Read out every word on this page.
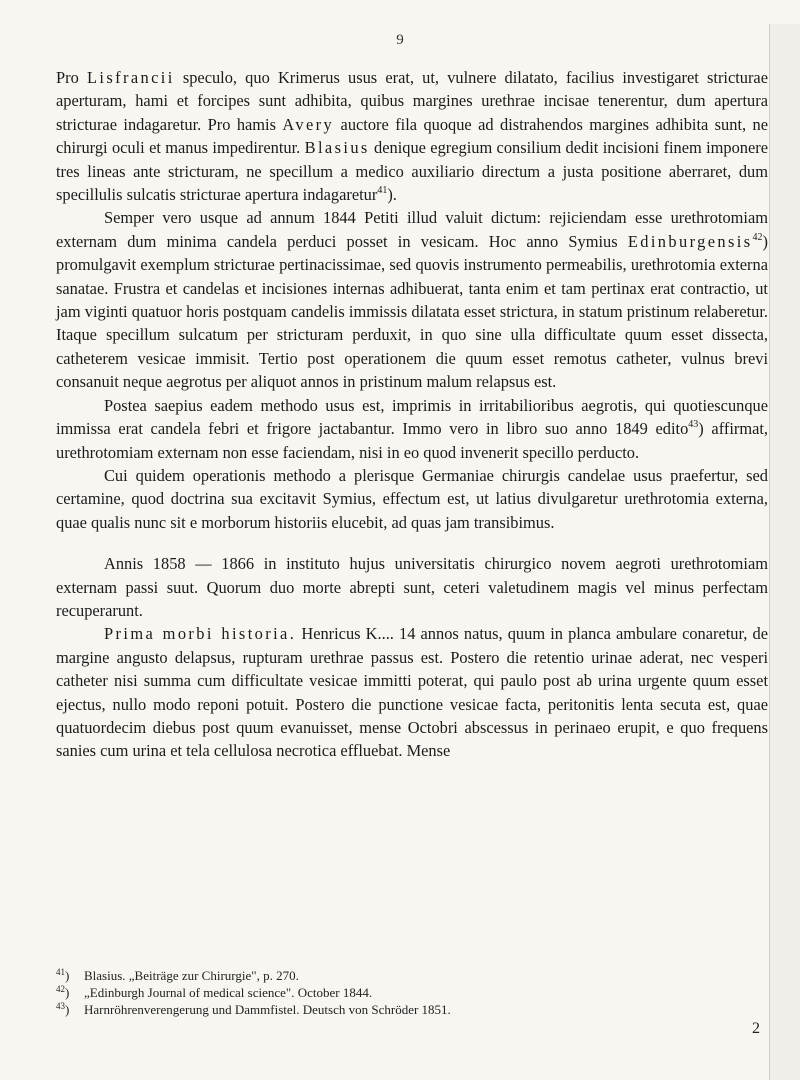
9

Pro Lisfrancii speculo, quo Krimerus usus erat, ut, vulnere dilatato, facilius investigaret stricturae aperturam, hami et forcipes sunt adhibita, quibus margines urethrae incisae tenerentur, dum apertura stricturae indagaretur. Pro hamis Avery auctore fila quoque ad distrahendos margines adhibita sunt, ne chirurgi oculi et manus impedirentur. Blasius denique egregium consilium dedit incisioni finem imponere tres lineas ante stricturam, ne specillum a medico auxiliario directum a justa positione aberraret, dum specillulis sulcatis stricturae apertura indagaretur$^{41}$).

Semper vero usque ad annum 1844 Petiti illud valuit dictum: rejiciendam esse urethrotomiam externam dum minima candela perduci posset in vesicam. Hoc anno Symius Edinburgensis$^{42}$) promulgavit exemplum stricturae pertinacissimae, sed quovis instrumento permeabilis, urethrotomia externa sanatae. Frustra et candelas et incisiones internas adhibuerat, tanta enim et tam pertinax erat contractio, ut jam viginti quatuor horis postquam candelis immissis dilatata esset strictura, in statum pristinum relaberetur. Itaque specillum sulcatum per stricturam perduxit, in quo sine ulla difficultate quum esset dissecta, catheterem vesicae immisit. Tertio post operationem die quum esset remotus catheter, vulnus brevi consanuit neque aegrotus per aliquot annos in pristinum malum relapsus est.

Postea saepius eadem methodo usus est, imprimis in irritabilioribus aegrotis, qui quotiescunque immissa erat candela febri et frigore jactabantur. Immo vero in libro suo anno 1849 edito$^{43}$) affirmat, urethrotomiam externam non esse faciendam, nisi in eo quod invenerit specillo perducto.

Cui quidem operationis methodo a plerisque Germaniae chirurgis candelae usus praefertur, sed certamine, quod doctrina sua excitavit Symius, effectum est, ut latius divulgaretur urethrotomia externa, quae qualis nunc sit e morborum historiis elucebit, ad quas jam transibimus.

Annis 1858 — 1866 in instituto hujus universitatis chirurgico novem aegroti urethrotomiam externam passi suut. Quorum duo morte abrepti sunt, ceteri valetudinem magis vel minus perfectam recuperarunt.

Prima morbi historia. Henricus K.... 14 annos natus, quum in planca ambulare conaretur, de margine angusto delapsus, rupturam urethrae passus est. Postero die retentio urinae aderat, nec vesperi catheter nisi summa cum difficultate vesicae immitti poterat, qui paulo post ab urina urgente quum esset ejectus, nullo modo reponi potuit. Postero die punctione vesicae facta, peritonitis lenta secuta est, quae quatuordecim diebus post quum evanuisset, mense Octobri abscessus in perinaeo erupit, e quo frequens sanies cum urina et tela cellulosa necrotica effluebat. Mense

$^{41}$) Blasius. „Beiträge zur Chirurgie", p. 270.

$^{42}$) „Edinburgh Journal of medical science". October 1844.

$^{43}$) Harnröhrenverengerung und Dammfistel. Deutsch von Schröder 1851.

2
